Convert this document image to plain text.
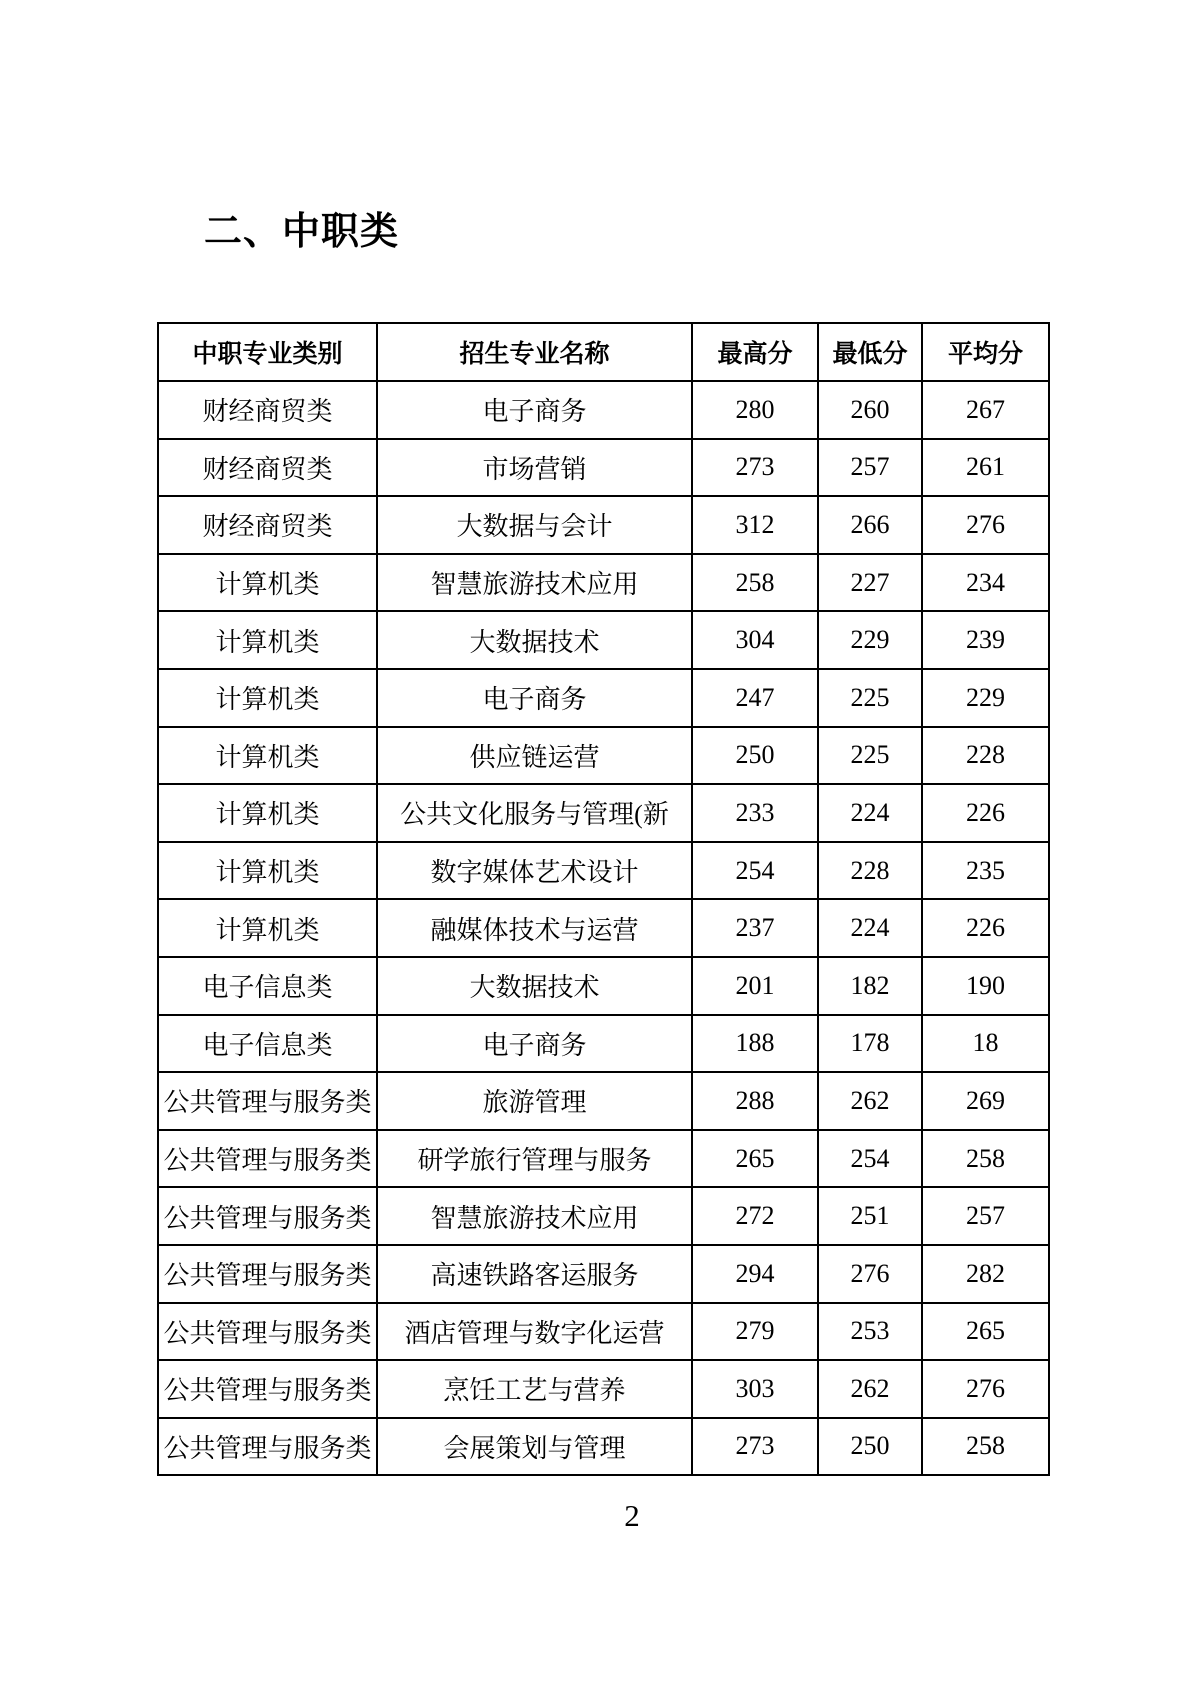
二、中职类
中职专业类别	招生专业名称	最高分	最低分	平均分
财经商贸类	电子商务	280	260	267
财经商贸类	市场营销	273	257	261
财经商贸类	大数据与会计	312	266	276
计算机类	智慧旅游技术应用	258	227	234
计算机类	大数据技术	304	229	239
计算机类	电子商务	247	225	229
计算机类	供应链运营	250	225	228
计算机类	公共文化服务与管理(新	233	224	226
计算机类	数字媒体艺术设计	254	228	235
计算机类	融媒体技术与运营	237	224	226
电子信息类	大数据技术	201	182	190
电子信息类	电子商务	188	178	18
公共管理与服务类	旅游管理	288	262	269
公共管理与服务类	研学旅行管理与服务	265	254	258
公共管理与服务类	智慧旅游技术应用	272	251	257
公共管理与服务类	高速铁路客运服务	294	276	282
公共管理与服务类	酒店管理与数字化运营	279	253	265
公共管理与服务类	烹饪工艺与营养	303	262	276
公共管理与服务类	会展策划与管理	273	250	258
2
